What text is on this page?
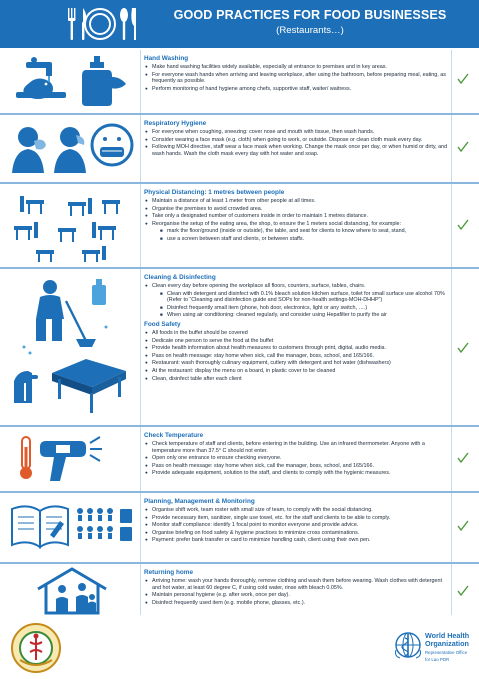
GOOD PRACTICES FOR FOOD BUSINESSES
(Restaurants…)
Hand Washing
● Make hand washing facilities widely available, especially at entrance to premises and in key areas.
● For everyone wash hands when arriving and leaving workplace, after using the bathroom, before preparing meal, eating, as frequently as possible.
● Perform monitoring of hand hygiene among chefs, supportive staff, waiter/ waitress.
Respiratory Hygiene
● For everyone when coughing, sneezing: cover nose and mouth with tissue, then wash hands.
● Consider wearing a face mask (e.g. cloth) when going to work, or outside. Dispose or clean cloth mask every day.
● Following MOH directive, staff wear a face mask when working. Change the mask once per day, or when humid or dirty, and wash hands. Wash the cloth mask every day with hot water and soap.
Physical Distancing: 1 metres between people
● Maintain a distance of at least 1 meter from other people at all times.
● Organise the premises to avoid crowded area.
● Take only a designated number of customers inside in order to maintain 1 metres distance.
● Reorganise the setup of the eating area, the shop, to ensure the 1 meters social distancing, for example:
■ mark the floor/ground (inside or outside), the table, and seat for clients to know where to seat, stand,
■ use a screen between staff and clients, or between staffs.
Cleaning & Disinfecting
● Clean every day before opening the workplace all floors, counters, surface, tables, chairs.
■ Clean with detergent and disinfect with 0.1% bleach solution kitchen surface, toilet for small surface use alcohol 70% (Refer to “Cleaning and disinfection guide and SOPs for non-health settings-MOH-DHHP”)
■ Disinfect frequently small item (phone, hob door, electronics, light or any switch, ….)
■ When using air conditioning: cleaned regularly, and consider using Hepafilter to purify the air
Food Safety
● All foods in the buffet should be covered
● Dedicate one person to serve the food at the buffet
● Provide health information about health measures to customers through print, digital, audio media.
● Pass on health message: stay home when sick, call the manager, boss, school, and 165/166.
● Restaurant: wash thoroughly culinary equipment, cutlery with detergent and hot water (dishwashers)
● At the restaurant: display the menu on a board, in plastic cover to be cleaned
● Clean, disinfect table after each client
Check Temperature
● Check temperature of staff and clients, before entering in the building. Use an infrared thermometer. Anyone with a temperature more than 37.5° C should not enter.
● Open only one entrance to ensure checking everyone.
● Pass on health message: stay home when sick, call the manager, boss, school, and 165/166.
● Provide adequate equipment, solution to the staff, and clients to comply with the hygienic measures.
Planning, Management & Monitoring
● Organise shift work, team roster with small size of team, to comply with the social distancing.
● Provide necessary item, sanitizer, single use towel, etc. for the staff and clients to be able to comply.
● Monitor staff compliance: identify 1 focal point to monitor everyone and provide advice.
● Organise briefing on food safety & hygiene practices to minimize cross contaminations.
● Payment: prefer bank transfer or card to minimize handling cash, client using their own pen.
Returning home
● Arriving home: wash your hands thoroughly, remove clothing and wash them before wearing. Wash clothes with detergent and hot water, at least 60 degree C, if using cold water, rinse with bleach 0.05%.
● Maintain personal hygiene (e.g. after work, once per day).
● Disinfect frequently used item (e.g. mobile phone, glasses, etc.).
World Health
Organization
Representative Office
for Lao PDR
